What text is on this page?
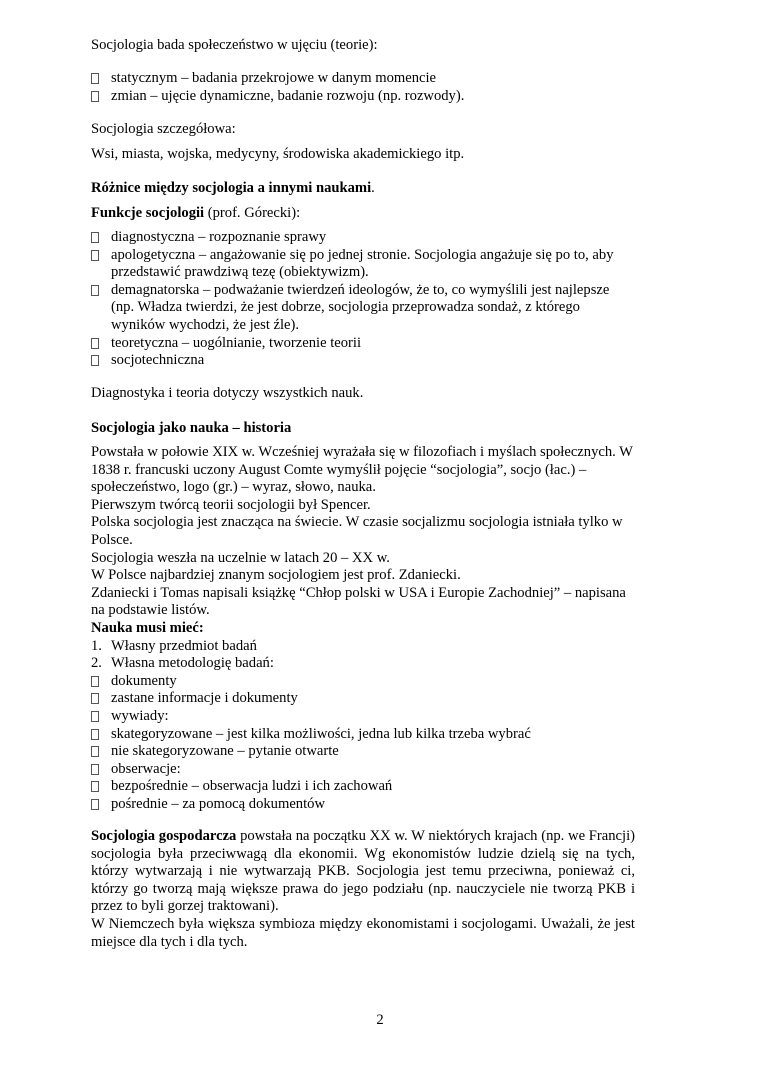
Socjologia bada społeczeństwo w ujęciu (teorie):

statycznym – badania przekrojowe w danym momencie
zmian – ujęcie dynamiczne, badanie rozwoju (np. rozwody).

Socjologia szczegółowa:

Wsi, miasta, wojska, medycyny, środowiska akademickiego itp.

Różnice między socjologia a innymi naukami.

Funkcje socjologii (prof. Górecki):

diagnostyczna – rozpoznanie sprawy
apologetyczna – angażowanie się po jednej stronie. Socjologia angażuje się po to, aby przedstawić prawdziwą tezę (obiektywizm).
demagnatorska – podważanie twierdzeń ideologów, że to, co wymyślili jest najlepsze (np. Władza twierdzi, że jest dobrze, socjologia przeprowadza sondaż, z którego wyników wychodzi, że jest źle).
teoretyczna – uogólnianie, tworzenie teorii
socjotechniczna

Diagnostyka i teoria dotyczy wszystkich nauk.

Socjologia jako nauka – historia

Powstała w połowie XIX w. Wcześniej wyrażała się w filozofiach i myślach społecznych. W 1838 r. francuski uczony August Comte wymyślił pojęcie “socjologia”, socjo (łac.) – społeczeństwo, logo (gr.) – wyraz, słowo, nauka.

Pierwszym twórcą teorii socjologii był Spencer.

Polska socjologia jest znacząca na świecie. W czasie socjalizmu socjologia istniała tylko w Polsce.

Socjologia weszła na uczelnie w latach 20 – XX w.

W Polsce najbardziej znanym socjologiem jest prof. Zdaniecki.

Zdaniecki i Tomas napisali książkę “Chłop polski w USA i Europie Zachodniej” – napisana na podstawie listów.

Nauka musi mieć:

1. Własny przedmiot badań
2. Własna metodologię badań:
dokumenty
zastane informacje i dokumenty
wywiady:
skategoryzowane – jest kilka możliwości, jedna lub kilka trzeba wybrać
nie skategoryzowane – pytanie otwarte
obserwacje:
bezpośrednie – obserwacja ludzi i ich zachowań
pośrednie – za pomocą dokumentów

Socjologia gospodarcza powstała na początku XX w. W niektórych krajach (np. we Francji) socjologia była przeciwwagą dla ekonomii. Wg ekonomistów ludzie dzielą się na tych, którzy wytwarzają i nie wytwarzają PKB. Socjologia jest temu przeciwna, ponieważ ci, którzy go tworzą mają większe prawa do jego podziału (np. nauczyciele nie tworzą PKB i przez to byli gorzej traktowani).

W Niemczech była większa symbioza między ekonomistami i socjologami. Uważali, że jest miejsce dla tych i dla tych.

2
